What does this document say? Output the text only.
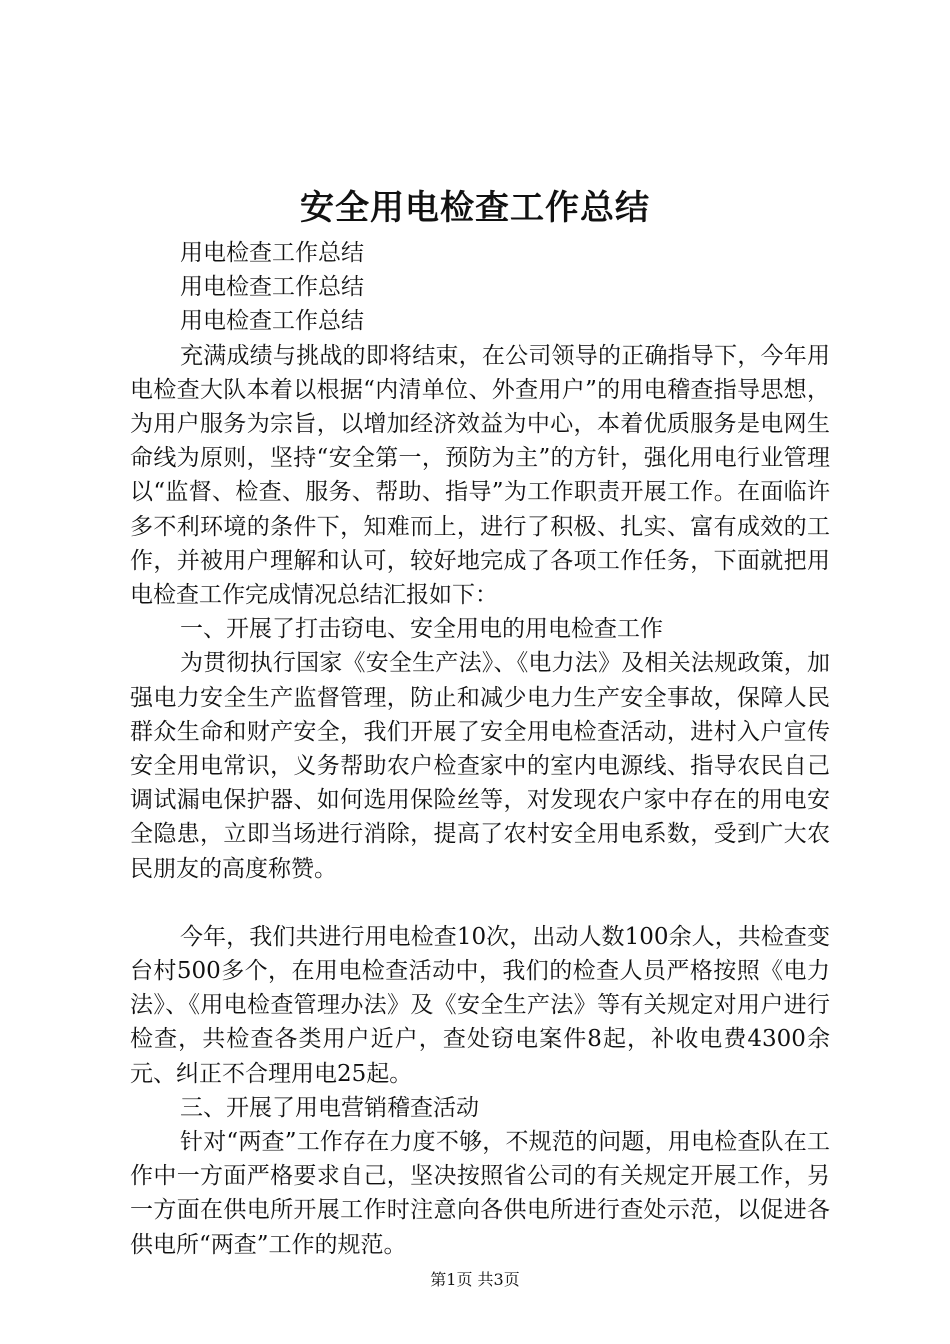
安全用电检查工作总结

用电检查工作总结

用电检查工作总结

用电检查工作总结

充满成绩与挑战的即将结束，在公司领导的正确指导下，今年用电检查大队本着以根据“内清单位、外查用户”的用电稽查指导思想，为用户服务为宗旨，以增加经济效益为中心，本着优质服务是电网生命线为原则，坚持“安全第一，预防为主”的方针，强化用电行业管理以“监督、检查、服务、帮助、指导”为工作职责开展工作。在面临许多不利环境的条件下，知难而上，进行了积极、扎实、富有成效的工作，并被用户理解和认可，较好地完成了各项工作任务，下面就把用电检查工作完成情况总结汇报如下：

一、开展了打击窃电、安全用电的用电检查工作

为贯彻执行国家《安全生产法》、《电力法》及相关法规政策，加强电力安全生产监督管理，防止和减少电力生产安全事故，保障人民群众生命和财产安全，我们开展了安全用电检查活动，进村入户宣传安全用电常识，义务帮助农户检查家中的室内电源线、指导农民自己调试漏电保护器、如何选用保险丝等，对发现农户家中存在的用电安全隐患，立即当场进行消除，提高了农村安全用电系数，受到广大农民朋友的高度称赞。

今年，我们共进行用电检查10次，出动人数100余人，共检查变台村500多个，在用电检查活动中，我们的检查人员严格按照《电力法》、《用电检查管理办法》及《安全生产法》等有关规定对用户进行检查，共检查各类用户近户，查处窃电案件8起，补收电费4300余元、纠正不合理用电25起。

三、开展了用电营销稽查活动

针对“两查”工作存在力度不够，不规范的问题，用电检查队在工作中一方面严格要求自己，坚决按照省公司的有关规定开展工作，另一方面在供电所开展工作时注意向各供电所进行查处示范，以促进各供电所“两查”工作的规范。

第1页 共3页
